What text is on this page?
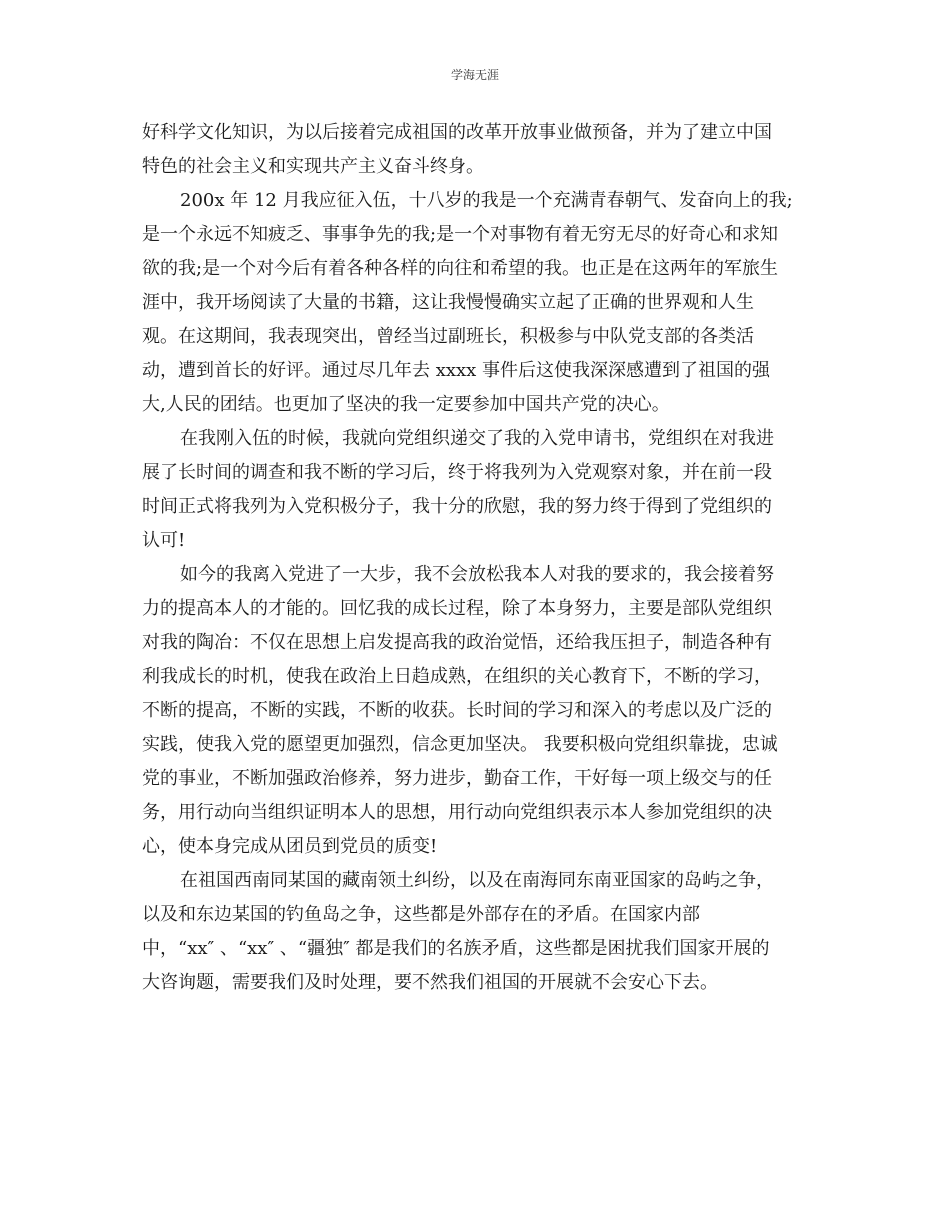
学海无涯
好科学文化知识，为以后接着完成祖国的改革开放事业做预备，并为了建立中国
特色的社会主义和实现共产主义奋斗终身。
200x 年 12 月我应征入伍，十八岁的我是一个充满青春朝气、发奋向上的我;
是一个永远不知疲乏、事事争先的我;是一个对事物有着无穷无尽的好奇心和求知
欲的我;是一个对今后有着各种各样的向往和希望的我。也正是在这两年的军旅生
涯中，我开场阅读了大量的书籍，这让我慢慢确实立起了正确的世界观和人生
观。在这期间，我表现突出，曾经当过副班长，积极参与中队党支部的各类活
动，遭到首长的好评。通过尽几年去 xxxx 事件后这使我深深感遭到了祖国的强
大,人民的团结。也更加了坚决的我一定要参加中国共产党的决心。
在我刚入伍的时候，我就向党组织递交了我的入党申请书，党组织在对我进
展了长时间的调查和我不断的学习后，终于将我列为入党观察对象，并在前一段
时间正式将我列为入党积极分子，我十分的欣慰，我的努力终于得到了党组织的
认可!
如今的我离入党进了一大步，我不会放松我本人对我的要求的，我会接着努
力的提高本人的才能的。回忆我的成长过程，除了本身努力，主要是部队党组织
对我的陶冶：不仅在思想上启发提高我的政治觉悟，还给我压担子，制造各种有
利我成长的时机，使我在政治上日趋成熟，在组织的关心教育下，不断的学习，
不断的提高，不断的实践，不断的收获。长时间的学习和深入的考虑以及广泛的
实践，使我入党的愿望更加强烈，信念更加坚决。 我要积极向党组织靠拢，忠诚
党的事业，不断加强政治修养，努力进步，勤奋工作，干好每一项上级交与的任
务，用行动向当组织证明本人的思想，用行动向党组织表示本人参加党组织的决
心，使本身完成从团员到党员的质变!
在祖国西南同某国的藏南领土纠纷，以及在南海同东南亚国家的岛屿之争，
以及和东边某国的钓鱼岛之争，这些都是外部存在的矛盾。在国家内部
中，“xx″ 、“xx″ 、“疆独″ 都是我们的名族矛盾，这些都是困扰我们国家开展的
大咨询题，需要我们及时处理，要不然我们祖国的开展就不会安心下去。
